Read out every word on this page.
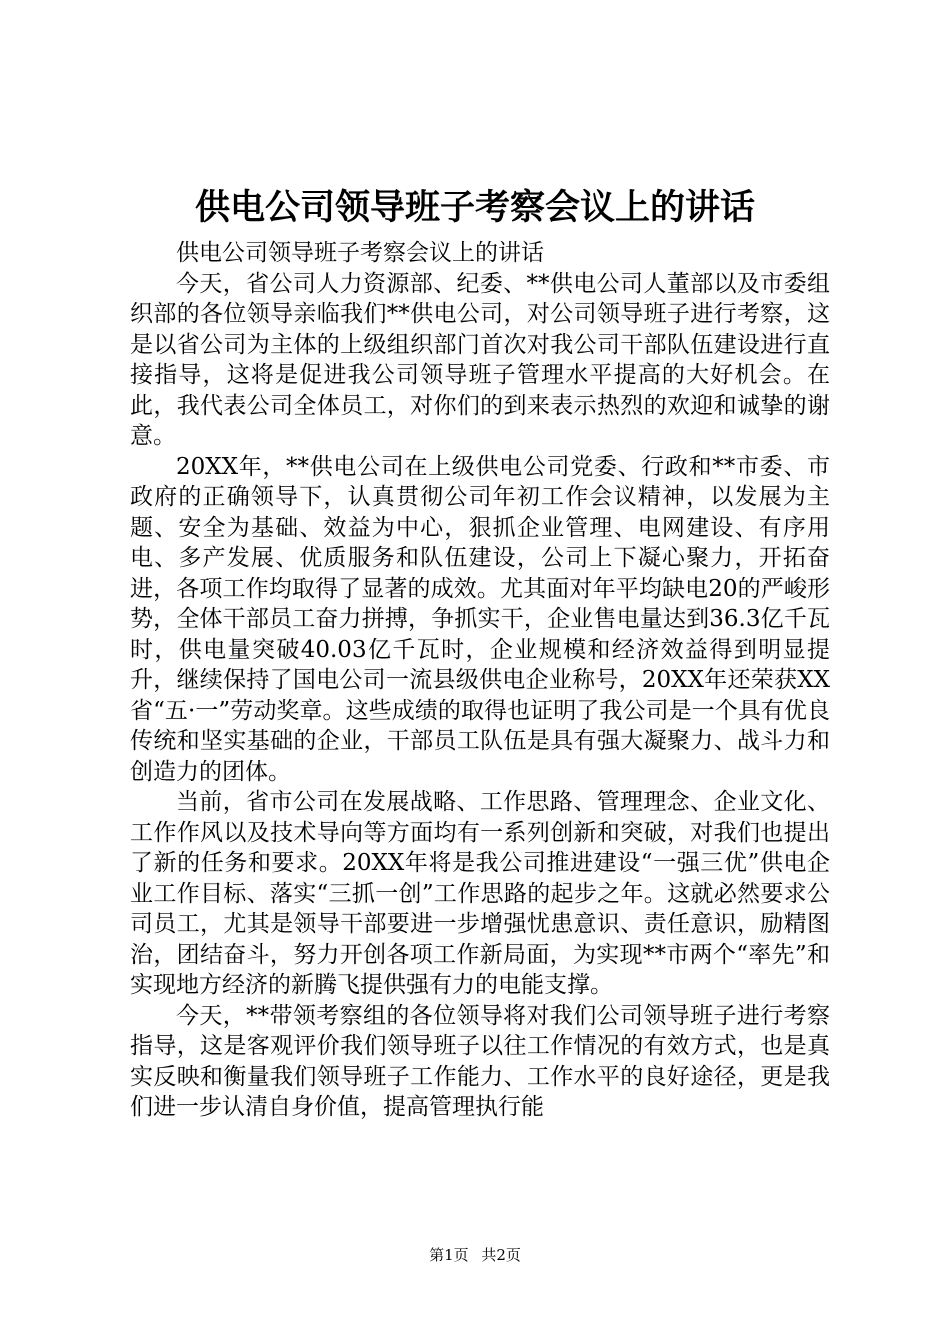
供电公司领导班子考察会议上的讲话

供电公司领导班子考察会议上的讲话

今天，省公司人力资源部、纪委、**供电公司人董部以及市委组织部的各位领导亲临我们**供电公司，对公司领导班子进行考察，这是以省公司为主体的上级组织部门首次对我公司干部队伍建设进行直接指导，这将是促进我公司领导班子管理水平提高的大好机会。在此，我代表公司全体员工，对你们的到来表示热烈的欢迎和诚挚的谢意。

20XX年，**供电公司在上级供电公司党委、行政和**市委、市政府的正确领导下，认真贯彻公司年初工作会议精神，以发展为主题、安全为基础、效益为中心，狠抓企业管理、电网建设、有序用电、多产发展、优质服务和队伍建设，公司上下凝心聚力，开拓奋进，各项工作均取得了显著的成效。尤其面对年平均缺电20的严峻形势，全体干部员工奋力拼搏，争抓实干，企业售电量达到36.3亿千瓦时，供电量突破40.03亿千瓦时，企业规模和经济效益得到明显提升，继续保持了国电公司一流县级供电企业称号，20XX年还荣获XX省“五·一”劳动奖章。这些成绩的取得也证明了我公司是一个具有优良传统和坚实基础的企业，干部员工队伍是具有强大凝聚力、战斗力和创造力的团体。

当前，省市公司在发展战略、工作思路、管理理念、企业文化、工作作风以及技术导向等方面均有一系列创新和突破，对我们也提出了新的任务和要求。20XX年将是我公司推进建设“一强三优”供电企业工作目标、落实“三抓一创”工作思路的起步之年。这就必然要求公司员工，尤其是领导干部要进一步增强忧患意识、责任意识，励精图治，团结奋斗，努力开创各项工作新局面，为实现**市两个“率先”和实现地方经济的新腾飞提供强有力的电能支撑。

今天，**带领考察组的各位领导将对我们公司领导班子进行考察指导，这是客观评价我们领导班子以往工作情况的有效方式，也是真实反映和衡量我们领导班子工作能力、工作水平的良好途径，更是我们进一步认清自身价值，提高管理执行能

第1页 共2页
